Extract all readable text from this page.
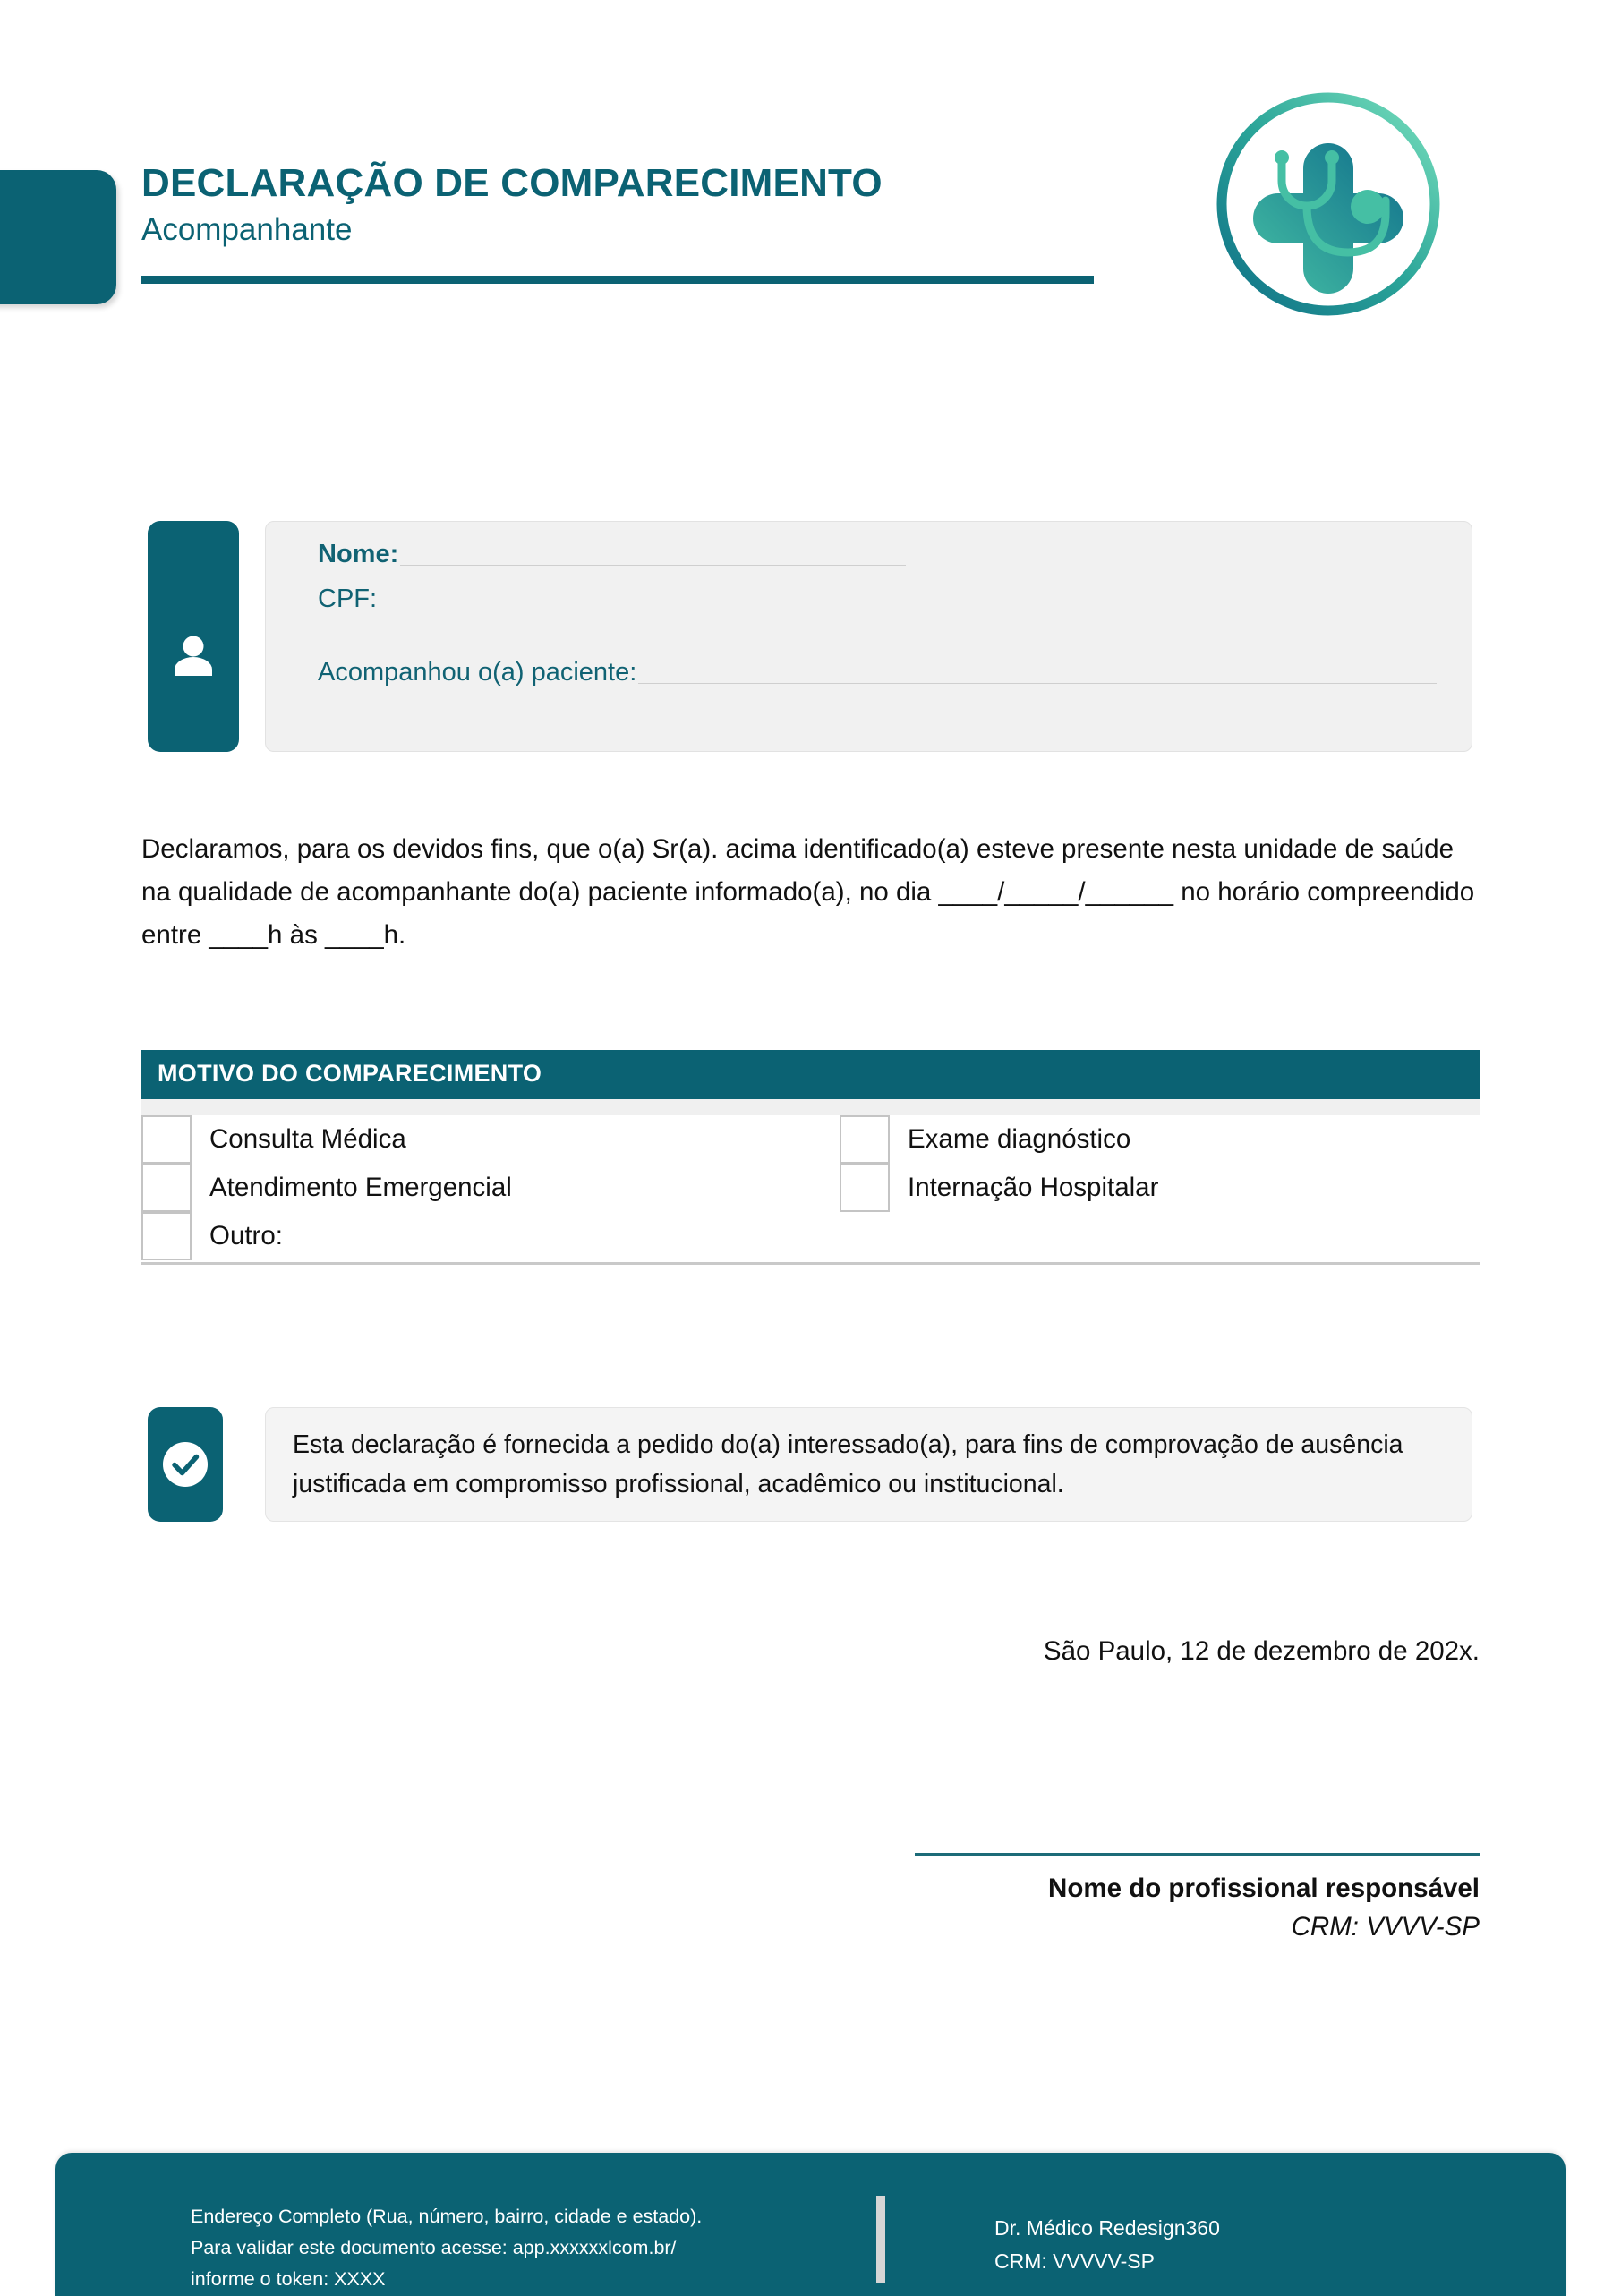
DECLARAÇÃO DE COMPARECIMENTO
Acompanhante
Nome:
CPF:
Acompanhou o(a) paciente:
Declaramos, para os devidos fins, que o(a) Sr(a). acima identificado(a) esteve presente nesta unidade de saúde na qualidade de acompanhante do(a) paciente informado(a), no dia ____/_____/______ no horário compreendido entre ____h às ____h.
MOTIVO DO COMPARECIMENTO
Consulta Médica
Atendimento Emergencial
Outro:
Exame diagnóstico
Internação Hospitalar
Esta declaração é fornecida a pedido do(a) interessado(a), para fins de comprovação de ausência justificada em compromisso profissional, acadêmico ou institucional.
São Paulo, 12 de dezembro de 202x.
Nome do profissional responsável
CRM: VVVV-SP
Endereço Completo (Rua, número, bairro, cidade e estado).
Para validar este documento acesse: app.xxxxxxlcom.br/
informe o token: XXXX
Dr. Médico Redesign360
CRM: VVVVV-SP
